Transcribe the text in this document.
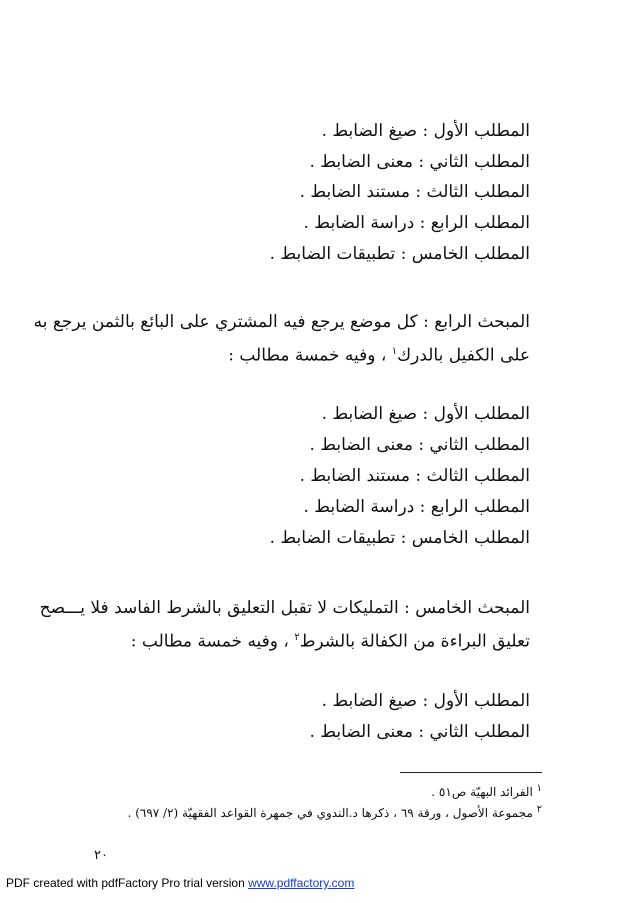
المطلب الأول : صيغ الضابط .
المطلب الثاني : معنى الضابط .
المطلب الثالث : مستند الضابط .
المطلب الرابع : دراسة الضابط .
المطلب الخامس : تطبيقات الضابط .
المبحث الرابع : كل موضع يرجع فيه المشتري على البائع بالثمن يرجع به
على الكفيل بالدرك$^١$ ، وفيه خمسة مطالب :
المطلب الأول : صيغ الضابط .
المطلب الثاني : معنى الضابط .
المطلب الثالث : مستند الضابط .
المطلب الرابع : دراسة الضابط .
المطلب الخامس : تطبيقات الضابط .
المبحث الخامس : التمليكات لا تقبل التعليق بالشرط الفاسد فلا يـــصح
تعليق البراءة من الكفالة بالشرط$^٢$ ، وفيه خمسة مطالب :
المطلب الأول : صيغ الضابط .
المطلب الثاني : معنى الضابط .
$^١$ الفرائد البهيّة ص٥١ .
$^٢$ مجموعة الأصول ، ورقة ٦٩ ، ذكرها د.الندوي في جمهرة القواعد الفقهيّة (٢/ ٦٩٧) .
٢٠
PDF created with pdfFactory Pro trial version www.pdffactory.com
